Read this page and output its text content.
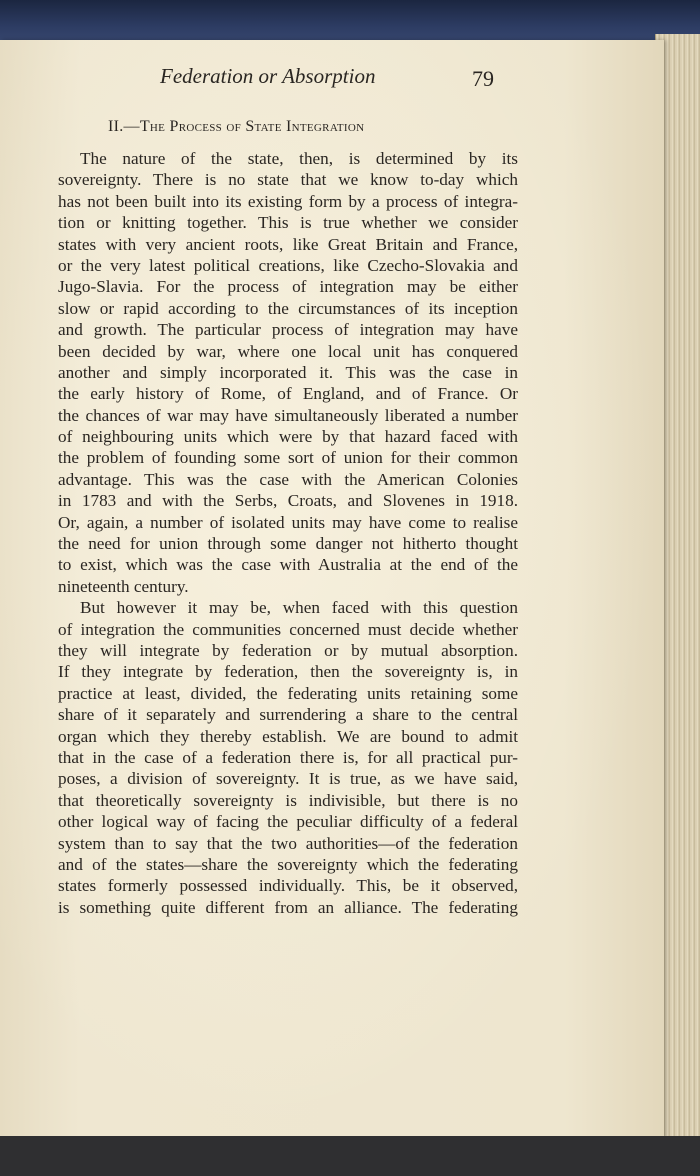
Federation or Absorption	79
II.—The Process of State Integration
The nature of the state, then, is determined by its
sovereignty. There is no state that we know to-day which
has not been built into its existing form by a process of integra-
tion or knitting together. This is true whether we consider
states with very ancient roots, like Great Britain and France,
or the very latest political creations, like Czecho-Slovakia and
Jugo-Slavia. For the process of integration may be either
slow or rapid according to the circumstances of its inception
and growth. The particular process of integration may have
been decided by war, where one local unit has conquered
another and simply incorporated it. This was the case in
the early history of Rome, of England, and of France. Or
the chances of war may have simultaneously liberated a number
of neighbouring units which were by that hazard faced with
the problem of founding some sort of union for their common
advantage. This was the case with the American Colonies
in 1783 and with the Serbs, Croats, and Slovenes in 1918.
Or, again, a number of isolated units may have come to realise
the need for union through some danger not hitherto thought
to exist, which was the case with Australia at the end of the
nineteenth century.
But however it may be, when faced with this question
of integration the communities concerned must decide whether
they will integrate by federation or by mutual absorption.
If they integrate by federation, then the sovereignty is, in
practice at least, divided, the federating units retaining some
share of it separately and surrendering a share to the central
organ which they thereby establish. We are bound to admit
that in the case of a federation there is, for all practical pur-
poses, a division of sovereignty. It is true, as we have said,
that theoretically sovereignty is indivisible, but there is no
other logical way of facing the peculiar difficulty of a federal
system than to say that the two authorities—of the federation
and of the states—share the sovereignty which the federating
states formerly possessed individually. This, be it observed,
is something quite different from an alliance. The federating
